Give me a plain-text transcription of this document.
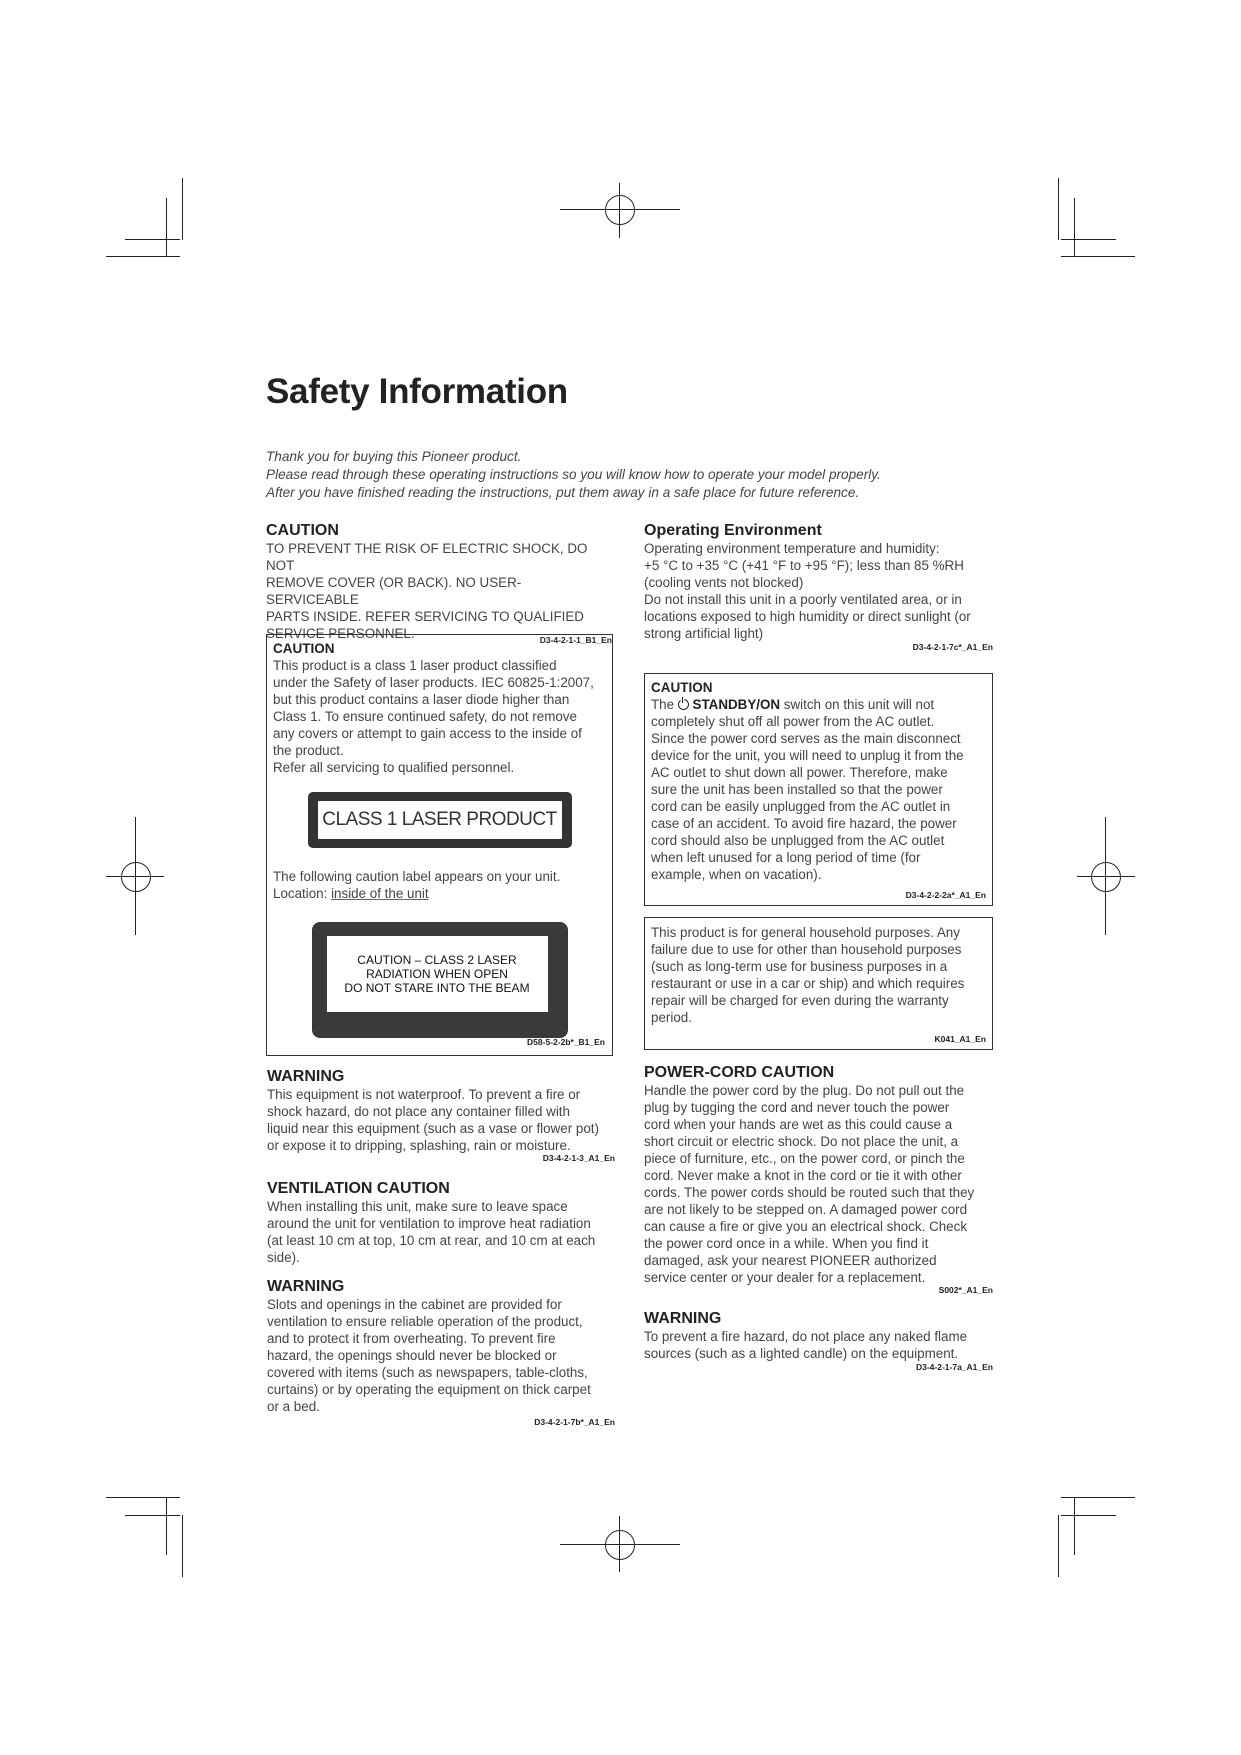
Safety Information
Thank you for buying this Pioneer product.
Please read through these operating instructions so you will know how to operate your model properly.
After you have finished reading the instructions, put them away in a safe place for future reference.
CAUTION
TO PREVENT THE RISK OF ELECTRIC SHOCK, DO NOT
REMOVE COVER (OR BACK). NO USER-SERVICEABLE
PARTS INSIDE. REFER SERVICING TO QUALIFIED
SERVICE PERSONNEL.	D3-4-2-1-1_B1_En
CAUTION
This product is a class 1 laser product classified
under the Safety of laser products. IEC 60825-1:2007,
but this product contains a laser diode higher than
Class 1. To ensure continued safety, do not remove
any covers or attempt to gain access to the inside of
the product.
Refer all servicing to qualified personnel.
CLASS 1 LASER PRODUCT
The following caution label appears on your unit.
Location: inside of the unit
CAUTION – CLASS 2 LASER
RADIATION WHEN OPEN
DO NOT STARE INTO THE BEAM
D58-5-2-2b*_B1_En
WARNING
This equipment is not waterproof. To prevent a fire or
shock hazard, do not place any container filled with
liquid near this equipment (such as a vase or flower pot)
or expose it to dripping, splashing, rain or moisture.
D3-4-2-1-3_A1_En
VENTILATION CAUTION
When installing this unit, make sure to leave space
around the unit for ventilation to improve heat radiation
(at least 10 cm at top, 10 cm at rear, and 10 cm at each
side).
WARNING
Slots and openings in the cabinet are provided for
ventilation to ensure reliable operation of the product,
and to protect it from overheating. To prevent fire
hazard, the openings should never be blocked or
covered with items (such as newspapers, table-cloths,
curtains) or by operating the equipment on thick carpet
or a bed.
D3-4-2-1-7b*_A1_En
Operating Environment
Operating environment temperature and humidity:
+5 °C to +35 °C (+41 °F to +95 °F); less than 85 %RH
(cooling vents not blocked)
Do not install this unit in a poorly ventilated area, or in
locations exposed to high humidity or direct sunlight (or
strong artificial light)
D3-4-2-1-7c*_A1_En
CAUTION
The  STANDBY/ON switch on this unit will not
completely shut off all power from the AC outlet.
Since the power cord serves as the main disconnect
device for the unit, you will need to unplug it from the
AC outlet to shut down all power. Therefore, make
sure the unit has been installed so that the power
cord can be easily unplugged from the AC outlet in
case of an accident. To avoid fire hazard, the power
cord should also be unplugged from the AC outlet
when left unused for a long period of time (for
example, when on vacation).
D3-4-2-2-2a*_A1_En
This product is for general household purposes. Any
failure due to use for other than household purposes
(such as long-term use for business purposes in a
restaurant or use in a car or ship) and which requires
repair will be charged for even during the warranty
period.
K041_A1_En
POWER-CORD CAUTION
Handle the power cord by the plug. Do not pull out the
plug by tugging the cord and never touch the power
cord when your hands are wet as this could cause a
short circuit or electric shock. Do not place the unit, a
piece of furniture, etc., on the power cord, or pinch the
cord. Never make a knot in the cord or tie it with other
cords. The power cords should be routed such that they
are not likely to be stepped on. A damaged power cord
can cause a fire or give you an electrical shock. Check
the power cord once in a while. When you find it
damaged, ask your nearest PIONEER authorized
service center or your dealer for a replacement.
S002*_A1_En
WARNING
To prevent a fire hazard, do not place any naked flame
sources (such as a lighted candle) on the equipment.
D3-4-2-1-7a_A1_En
